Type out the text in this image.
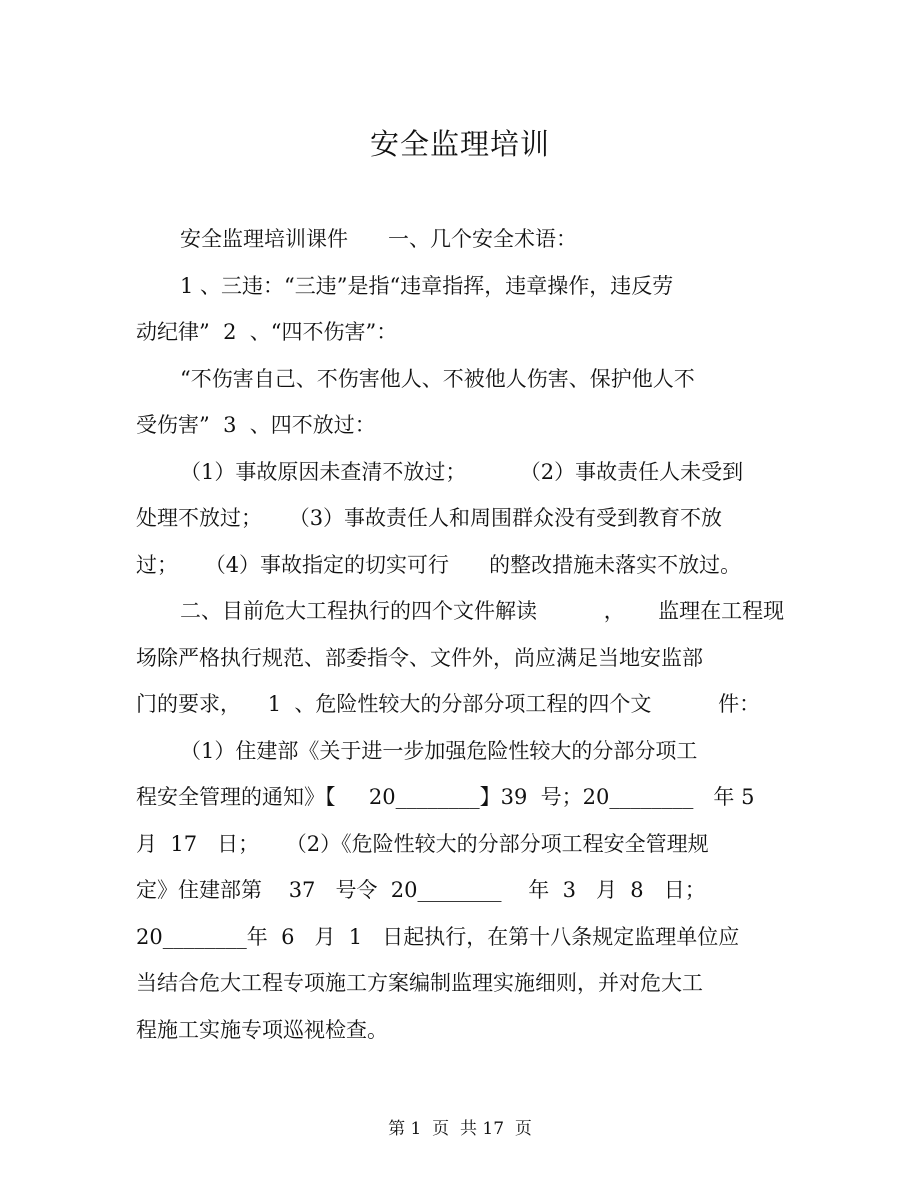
安全监理培训
安全监理培训课件      一、几个安全术语：
1 、三违：“三违”是指“违章指挥，违章操作，违反劳
动纪律”  2  、“四不伤害”：
“不伤害自己、不伤害他人、不被他人伤害、保护他人不
受伤害”  3  、四不放过：
（1）事故原因未查清不放过；        （2）事故责任人未受到
处理不放过；    （3）事故责任人和周围群众没有受到教育不放
过；    （4）事故指定的切实可行      的整改措施未落实不放过。
二、目前危大工程执行的四个文件解读          ，     监理在工程现
场除严格执行规范、部委指令、文件外，尚应满足当地安监部
门的要求，    1  、危险性较大的分部分项工程的四个文          件：
（1）住建部《关于进一步加强危险性较大的分部分项工
程安全管理的通知》【     20________】39  号；20________   年 5
月  17   日；    （2）《危险性较大的分部分项工程安全管理规
定》住建部第    37   号令  20________    年  3   月  8   日；
20________年  6   月  1   日起执行，在第十八条规定监理单位应
当结合危大工程专项施工方案编制监理实施细则，并对危大工
程施工实施专项巡视检查。
第 1  页  共 17  页
